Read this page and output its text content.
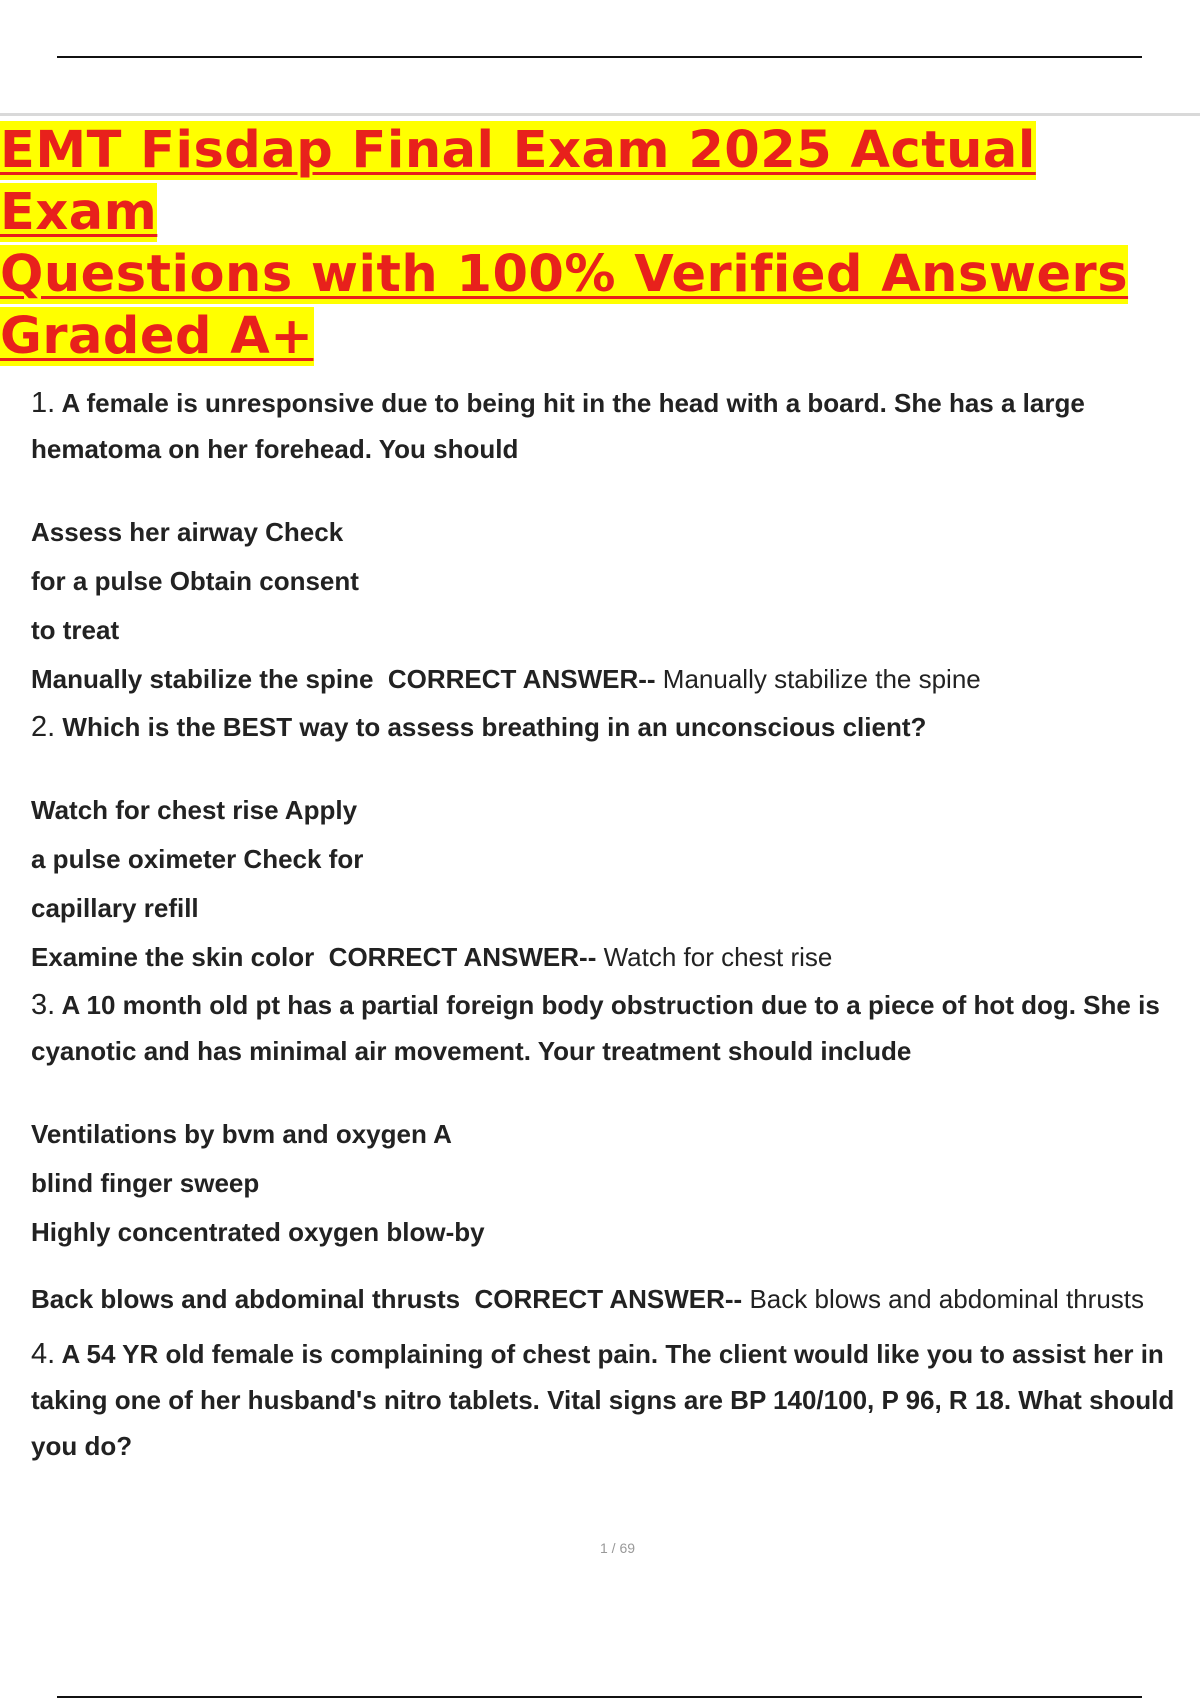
EMT Fisdap Final Exam 2025 Actual Exam
Questions with 100% Verified Answers
Graded A+
1. A female is unresponsive due to being hit in the head with a board. She has a large hematoma on her forehead. You should

Assess her airway Check

for a pulse Obtain consent

to treat

Manually stabilize the spine CORRECT ANSWER-- Manually stabilize the spine

2. Which is the BEST way to assess breathing in an unconscious client?

Watch for chest rise Apply

a pulse oximeter Check for

capillary refill

Examine the skin color CORRECT ANSWER-- Watch for chest rise

3. A 10 month old pt has a partial foreign body obstruction due to a piece of hot dog. She is cyanotic and has minimal air movement. Your treatment should include

Ventilations by bvm and oxygen A

blind finger sweep

Highly concentrated oxygen blow-by

Back blows and abdominal thrusts CORRECT ANSWER-- Back blows and abdominal thrusts

4. A 54 YR old female is complaining of chest pain. The client would like you to assist her in taking one of her husband's nitro tablets. Vital signs are BP 140/100, P 96, R 18. What should you do?
1 / 69
